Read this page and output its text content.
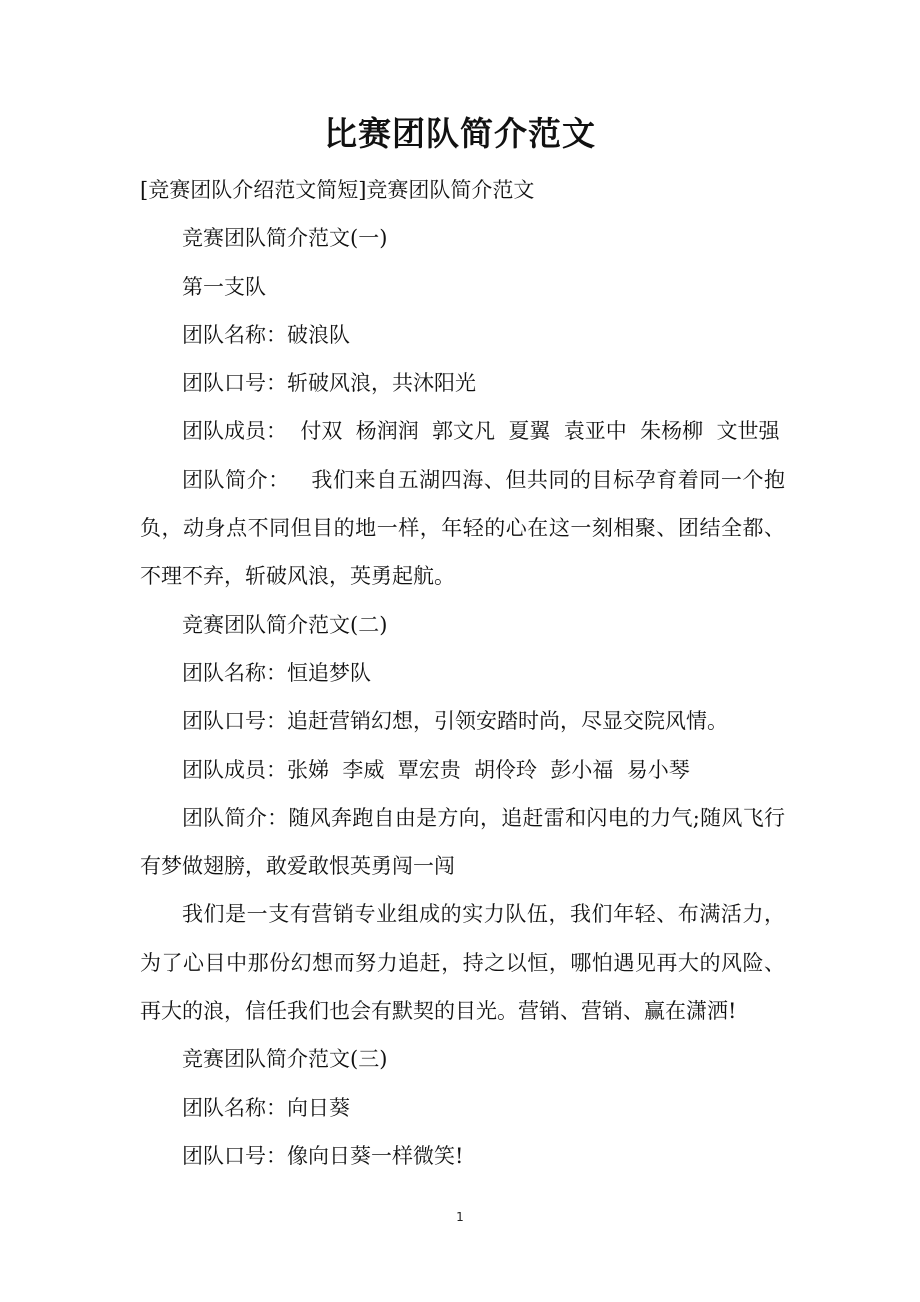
比赛团队简介范文
[竞赛团队介绍范文简短]竞赛团队简介范文
竞赛团队简介范文(一)
第一支队
团队名称：破浪队
团队口号：斩破风浪，共沐阳光
团队成员：  付双  杨润润  郭文凡  夏翼  袁亚中  朱杨柳  文世强
团队简介：   我们来自五湖四海、但共同的目标孕育着同一个抱负，动身点不同但目的地一样，年轻的心在这一刻相聚、团结全都、不理不弃，斩破风浪，英勇起航。
竞赛团队简介范文(二)
团队名称：恒追梦队
团队口号：追赶营销幻想，引领安踏时尚，尽显交院风情。
团队成员：张娣  李威  覃宏贵  胡伶玲  彭小福  易小琴
团队简介：随风奔跑自由是方向，追赶雷和闪电的力气;随风飞行有梦做翅膀，敢爱敢恨英勇闯一闯
我们是一支有营销专业组成的实力队伍，我们年轻、布满活力，为了心目中那份幻想而努力追赶，持之以恒，哪怕遇见再大的风险、再大的浪，信任我们也会有默契的目光。营销、营销、赢在潇洒!
竞赛团队简介范文(三)
团队名称：向日葵
团队口号：像向日葵一样微笑!
1
